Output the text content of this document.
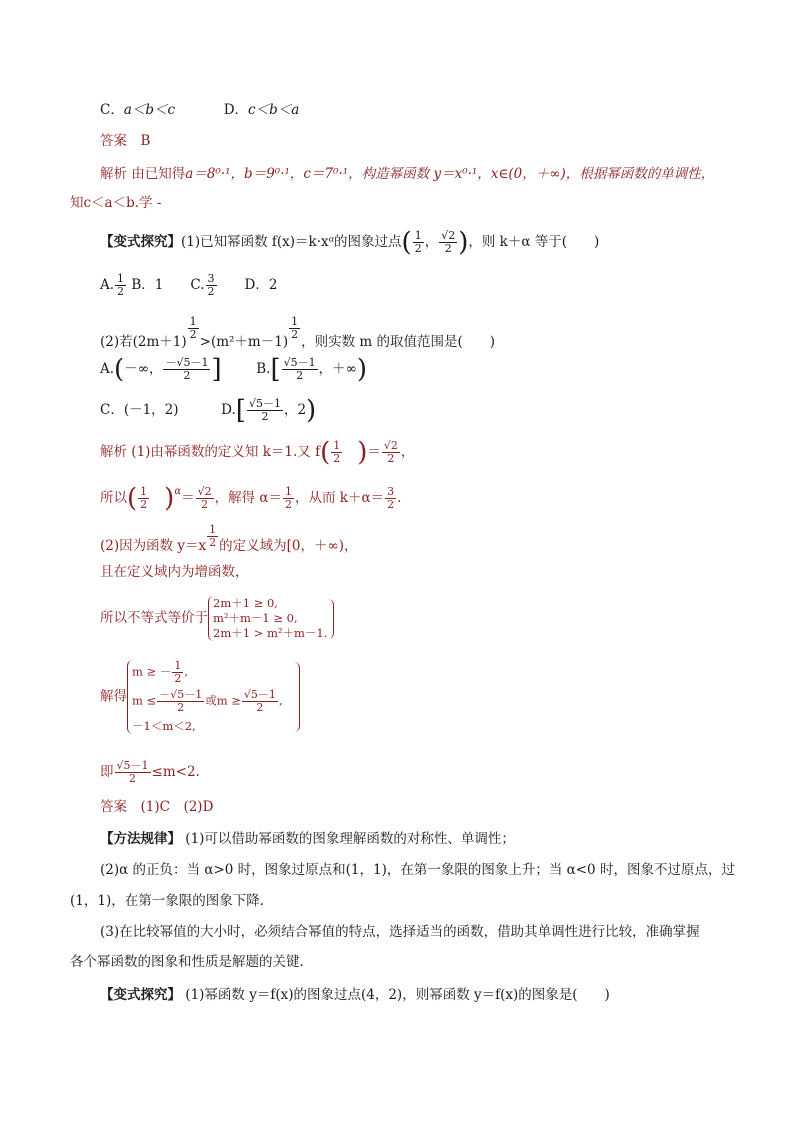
C．a＜b＜c	D．c＜b＜a
答案　B
解析 由已知得a＝8⁰·¹，b＝9⁰·¹，c＝7⁰·¹，构造幂函数 y＝x⁰·¹，x∈(0，＋∞)，根据幂函数的单调性，
知c＜a＜b.学 -
【变式探究】(1)已知幂函数 f(x)＝k·xᵅ的图象过点( $\frac{1}{2}$ ， $\frac{√2}{2}$ )，则 k＋α 等于(　　)
A. $\frac{1}{2}$ B．1　　C. $\frac{3}{2}$ 　　D．2
(2)若(2m＋1)
$\frac{1}{2}$
>(m²＋m－1)
$\frac{1}{2}$
，则实数 m 的取值范围是(　　)
A.(－∞， $\frac{-√5-1}{2}$ ]	$B.[ \frac{√5-1}{2}$ ，＋∞)
C．(－1，2)	$D.[ \frac{√5-1}{2}$ ，2)
解析 (1)由幂函数的定义知 k＝1.又 $f( \frac{1}{2}$ )＝ $\frac{√2}{2}$ ，
所以( $\frac{1}{2} )^\alpha= \frac{√2}{2}$ ，解得 $\alpha= \frac{1}{2}$ ，从而 $k+\alpha= \frac{3}{2}$ .
(2)因为函数 $y=x \frac{1}{2}$ 的定义域为[0，＋∞)，
且在定义域内为增函数，
所以不等式等价于
2m＋1 ≥ 0,
m²＋m－1 ≥ 0,
2m＋1 > m²＋m－1.
解得
m ≥ － $\frac{1}{2}$ ,
$m \le \frac{-√5-1}{2}$ 或$m \ge \frac{√5-1}{2}$ ,
－1＜m＜2,
即 $\frac{√5-1}{2} \le m<2$.
答案　(1)C　(2)D
【方法规律】 (1)可以借助幂函数的图象理解函数的对称性、单调性；
(2)α 的正负：当 α>0 时，图象过原点和(1，1)，在第一象限的图象上升；当 α<0 时，图象不过原点，过
(1，1)，在第一象限的图象下降．
(3)在比较幂值的大小时，必须结合幂值的特点，选择适当的函数，借助其单调性进行比较，准确掌握
各个幂函数的图象和性质是解题的关键．
【变式探究】 (1)幂函数 y＝f(x)的图象过点(4，2)，则幂函数 y＝f(x)的图象是(　　)
